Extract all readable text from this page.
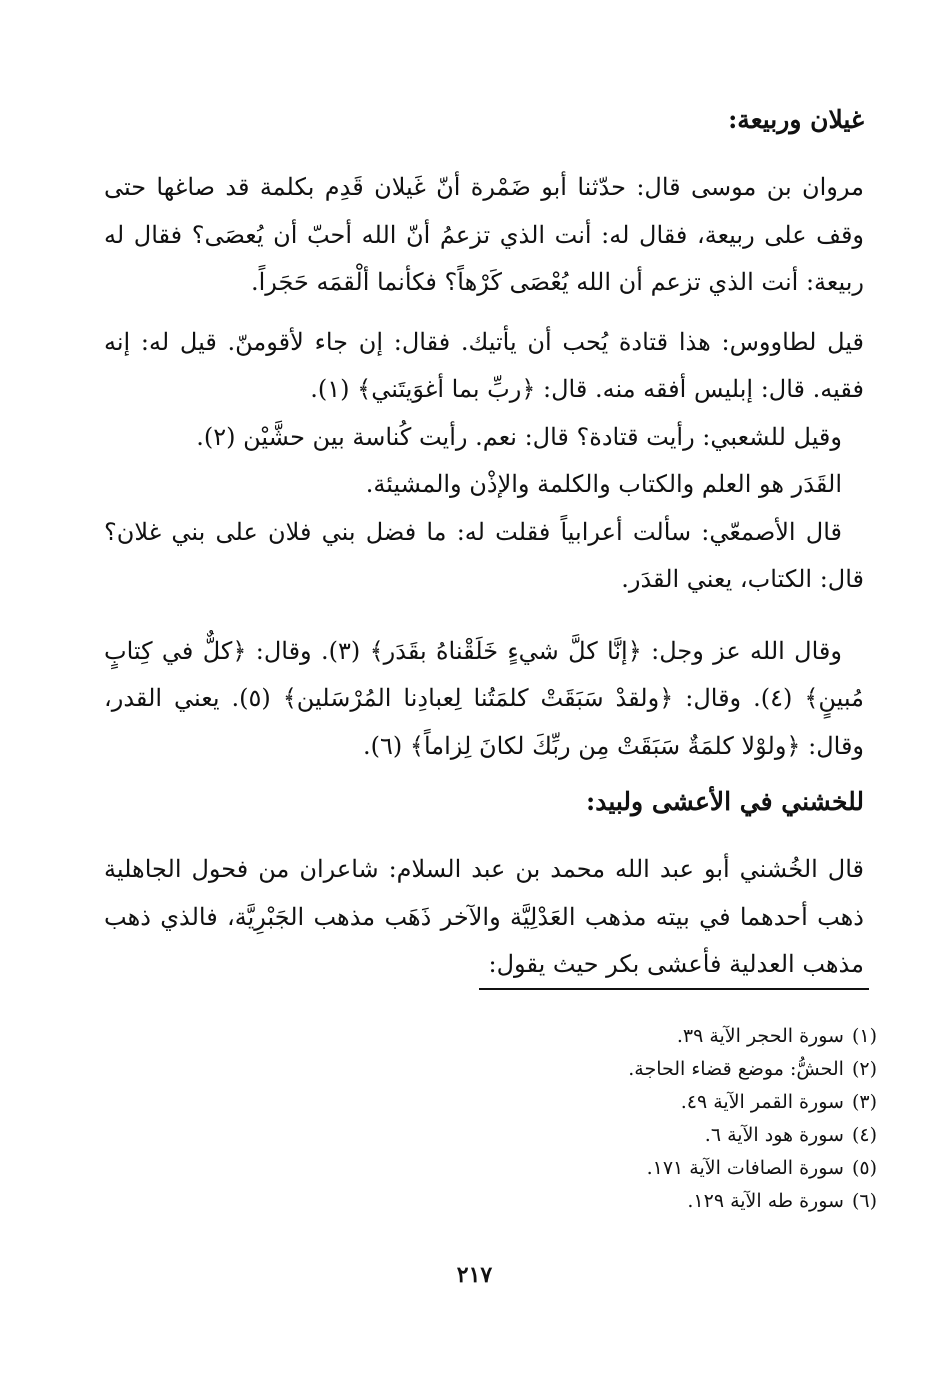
غيلان وربيعة:

مروان بن موسى قال: حدّثنا أبو ضَمْرة أنّ غَيلان قَدِم بكلمة قد صاغها حتى وقف على ربيعة، فقال له: أنت الذي تزعمُ أنّ الله أحبّ أن يُعصَى؟ فقال له ربيعة: أنت الذي تزعم أن الله يُعْصَى كَرْهاً؟ فكأنما ألْقمَه حَجَراً.

قيل لطاووس: هذا قتادة يُحب أن يأتيك. فقال: إن جاء لأقومنّ. قيل له: إنه فقيه. قال: إبليس أفقه منه. قال: ﴿ربِّ بما أغوَيتَني﴾ (١).

وقيل للشعبي: رأيت قتادة؟ قال: نعم. رأيت كُناسة بين حشَّيْن (٢).

القَدَر هو العلم والكتاب والكلمة والإذْن والمشيئة.

قال الأصمعّي: سألت أعرابياً فقلت له: ما فضل بني فلان على بني غلان؟ قال: الكتاب، يعني القدَر.

وقال الله عز وجل: ﴿إنَّا كلَّ شيءٍ خَلَقْناهُ بقَدَر﴾ (٣). وقال: ﴿كلٌّ في كِتابٍ مُبينٍ﴾ (٤). وقال: ﴿ولقدْ سَبَقَتْ كلمَتُنا لِعبادِنا المُرْسَلين﴾ (٥). يعني القدر، وقال: ﴿ولوْلا كلمَةٌ سَبَقَتْ مِن ربِّكَ لكانَ لِزاماً﴾ (٦).

للخشني في الأعشى ولبيد:

قال الخُشني أبو عبد الله محمد بن عبد السلام: شاعران من فحول الجاهلية ذهب أحدهما في بيته مذهب العَدْلِيَّة والآخر ذَهَب مذهب الجَبْرِيَّة، فالذي ذهب مذهب العدلية فأعشى بكر حيث يقول:

(١)سورة الحجر الآية ٣٩.

(٢)الحشُّ: موضع قضاء الحاجة.

(٣)سورة القمر الآية ٤٩.

(٤)سورة هود الآية ٦.

(٥)سورة الصافات الآية ١٧١.

(٦)سورة طه الآية ١٢٩.

٢١٧
